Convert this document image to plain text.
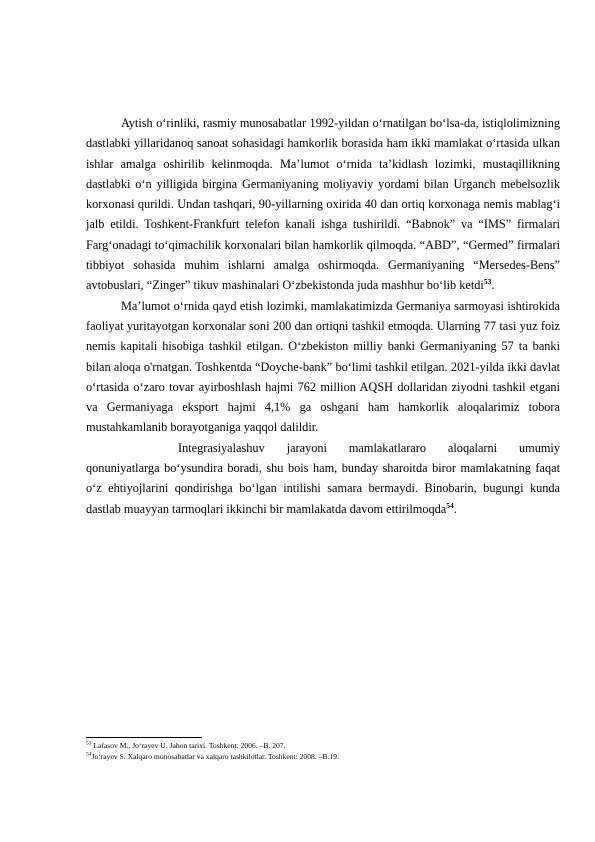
Aytish o‘rinliki, rasmiy munosabatlar 1992-yildan o‘rnatilgan bo‘lsa-da, istiqlolimizning dastlabki yillaridanoq sanoat sohasidagi hamkorlik borasida ham ikki mamlakat o‘rtasida ulkan ishlar amalga oshirilib kelinmoqda. Ma’lumot o‘rnida ta’kidlash lozimki, mustaqillikning dastlabki o‘n yilligida birgina Germaniyaning moliyaviy yordami bilan Urganch mebelsozlik korxonasi qurildi. Undan tashqari, 90-yillarning oxirida 40 dan ortiq korxonaga nemis mablag‘i jalb etildi. Toshkent-Frankfurt telefon kanali ishga tushirildi. “Babnok” va “IMS” firmalari Farg‘onadagi to‘qimachilik korxonalari bilan hamkorlik qilmoqda. “ABD”, “Germed” firmalari tibbiyot sohasida muhim ishlarni amalga oshirmoqda. Germaniyaning “Mersedes-Bens” avtobuslari, “Zinger” tikuv mashinalari O‘zbekistonda juda mashhur bo‘lib ketdi$^{53}$.

Ma’lumot o‘rnida qayd etish lozimki, mamlakatimizda Germaniya sarmoyasi ishtirokida faoliyat yuritayotgan korxonalar soni 200 dan ortiqni tashkil etmoqda. Ularning 77 tasi yuz foiz nemis kapitali hisobiga tashkil etilgan. O‘zbekiston milliy banki Germaniyaning 57 ta banki bilan aloqa o'rnatgan. Toshkentda “Doyche-bank” bo‘limi tashkil etilgan. 2021-yilda ikki davlat o‘rtasida o‘zaro tovar ayirboshlash hajmi 762 million AQSH dollaridan ziyodni tashkil etgani va Germaniyaga eksport hajmi 4,1% ga oshgani ham hamkorlik aloqalarimiz tobora mustahkamlanib borayotganiga yaqqol dalildir.

Integrasiyalashuv jarayoni mamlakatlararo aloqalarni umumiy qonuniyatlarga bo‘ysundira boradi, shu bois ham, bunday sharoitda biror mamlakatning faqat o‘z ehtiyojlarini qondirishga bo‘lgan intilishi samara bermaydi. Binobarin, bugungi kunda dastlab muayyan tarmoqlari ikkinchi bir mamlakatda davom ettirilmoqda$^{54}$.

$^{53}$ Lafasov M., Jo‘rayev U. Jahon tarixi. Toshkent: 2006. –B. 207.

$^{54}$Jo‘rayev S. Xalqaro munosabatlar va xalqaro tashkilotlar. Toshkent: 2008. –B.19.
